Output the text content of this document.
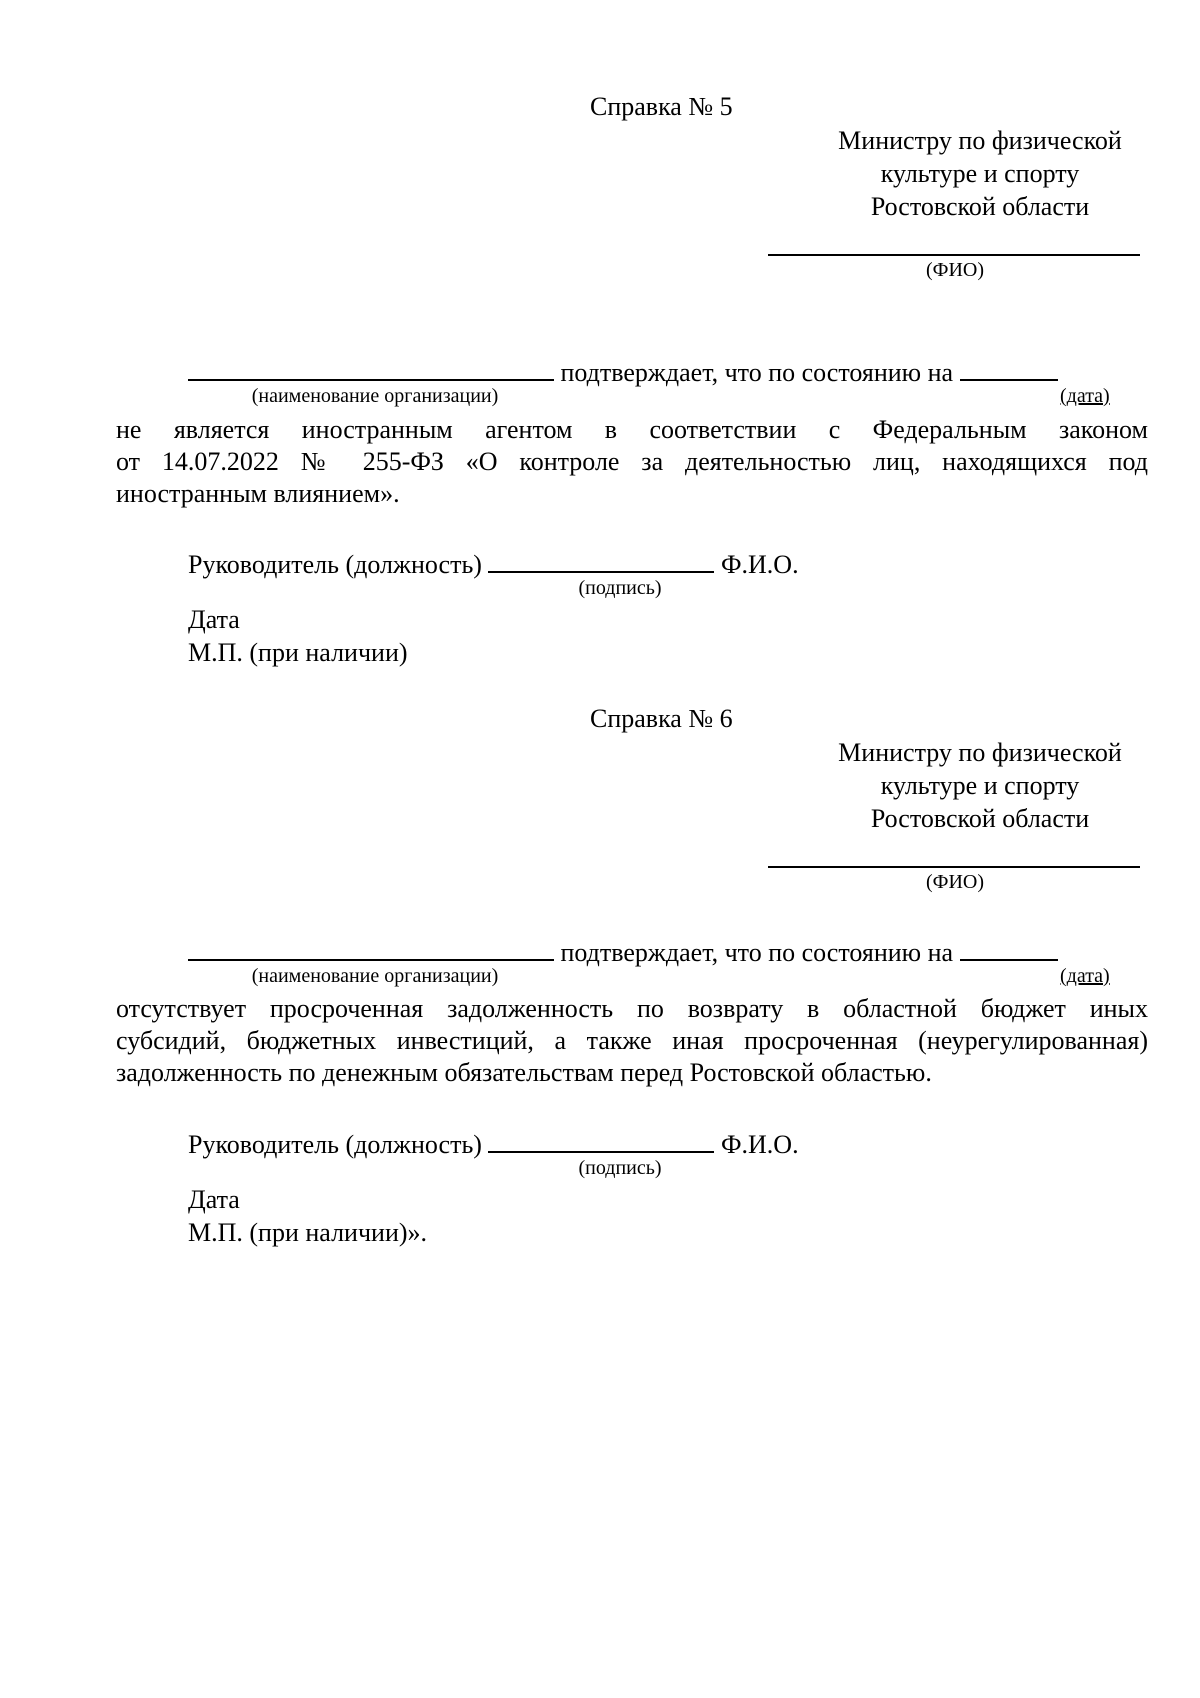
Справка № 5
Министру по физической
культуре и спорту
Ростовской области
(ФИО)
подтверждает, что по состоянию на
(наименование организации)	(дата)
не является иностранным агентом в соответствии с Федеральным законом
от 14.07.2022 № 255-ФЗ «О контроле за деятельностью лиц, находящихся под
иностранным влиянием».
Руководитель (должность)	Ф.И.О.
(подпись)
Дата
М.П. (при наличии)
Справка № 6
Министру по физической
культуре и спорту
Ростовской области
(ФИО)
подтверждает, что по состоянию на
(наименование организации)	(дата)
отсутствует просроченная задолженность по возврату в областной бюджет иных
субсидий, бюджетных инвестиций, а также иная просроченная (неурегулированная)
задолженность по денежным обязательствам перед Ростовской областью.
Руководитель (должность)	Ф.И.О.
(подпись)
Дата
М.П. (при наличии)».
